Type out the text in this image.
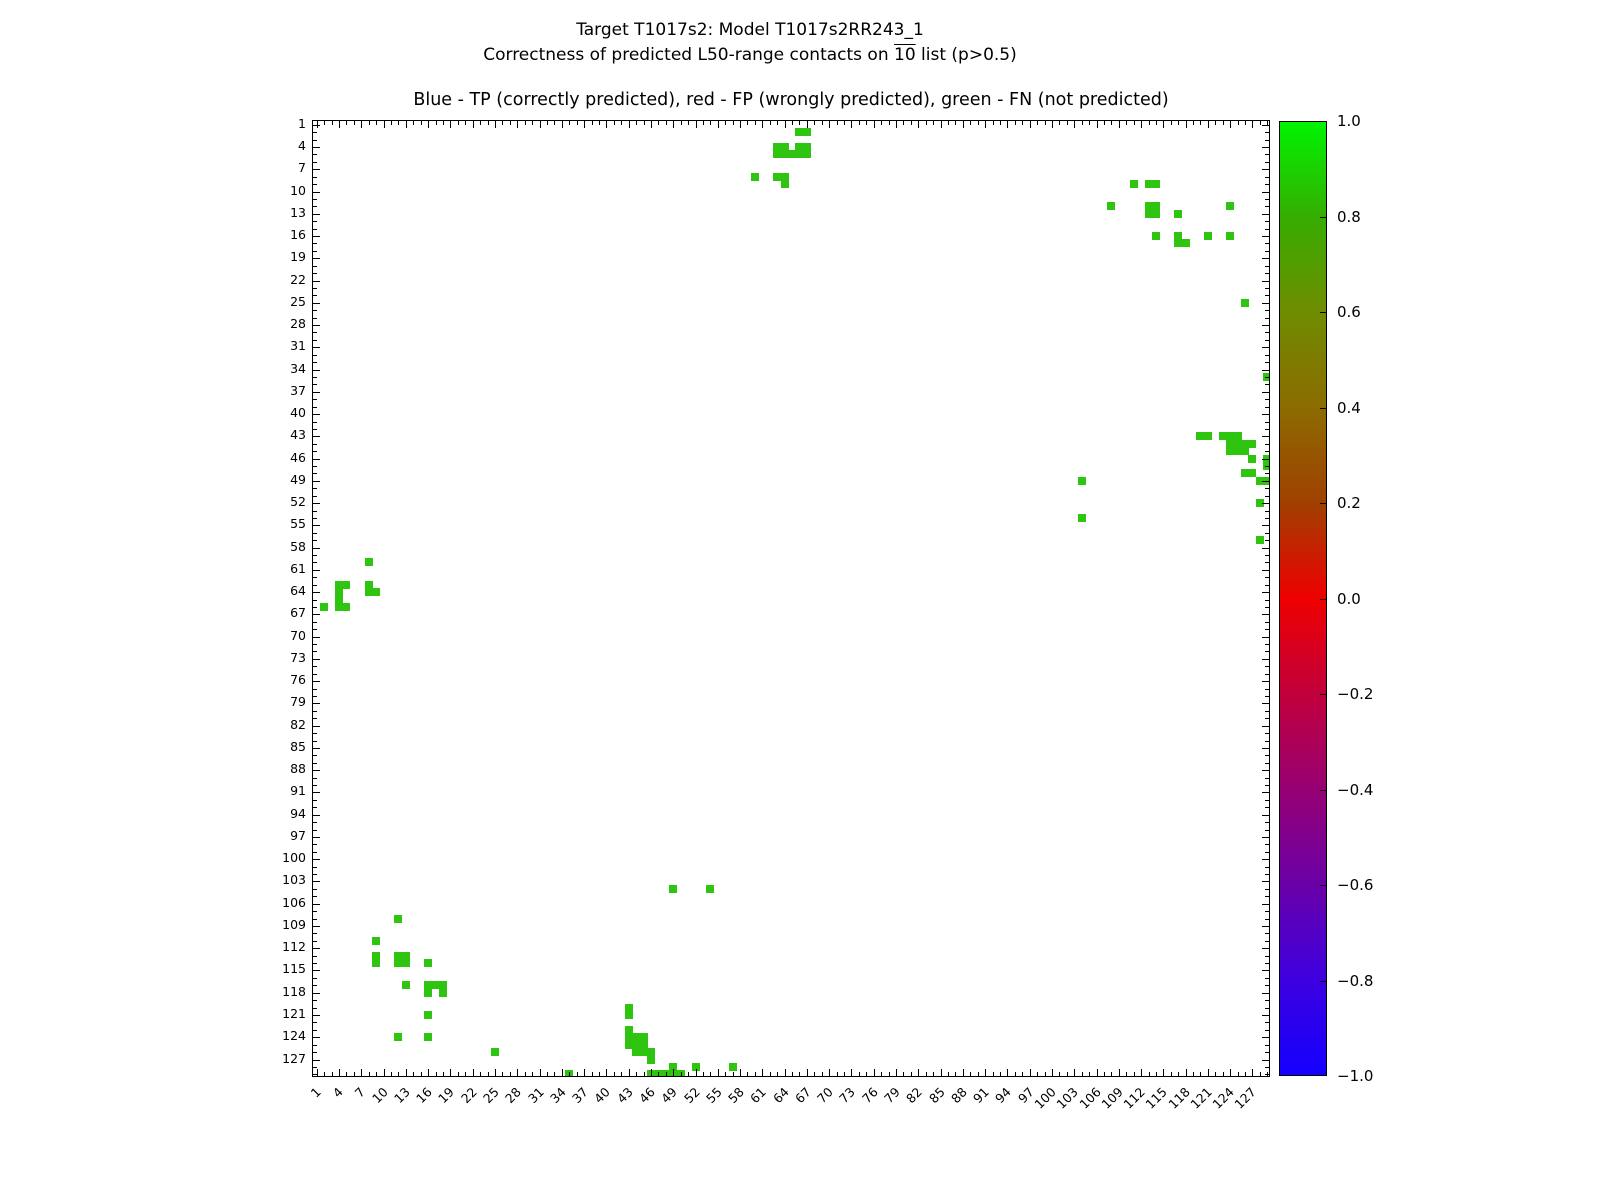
Target T1017s2: Model T1017s2RR243_1
Correctness of predicted L50-range contacts on 10 list (p>0.5)
Blue - TP (correctly predicted), red - FP (wrongly predicted), green - FN (not predicted)
1
4
7
10
13
16
19
22
25
28
31
34
37
40
43
46
49
52
55
58
61
64
67
70
73
76
79
82
85
88
91
94
97
100
103
106
109
112
115
118
121
124
127
1 4 7 10 13 16 19 22 25 28 31 34 37 40 43 46 49 52 55 58 61 64 67 70 73 76 79 82 85 88 91 94 97
100
103
106
109
112
115
118
121
124
127
1.0
0.8
0.6
0.4
0.2
0.0
−0.2
−0.4
−0.6
−0.8
−1.0
